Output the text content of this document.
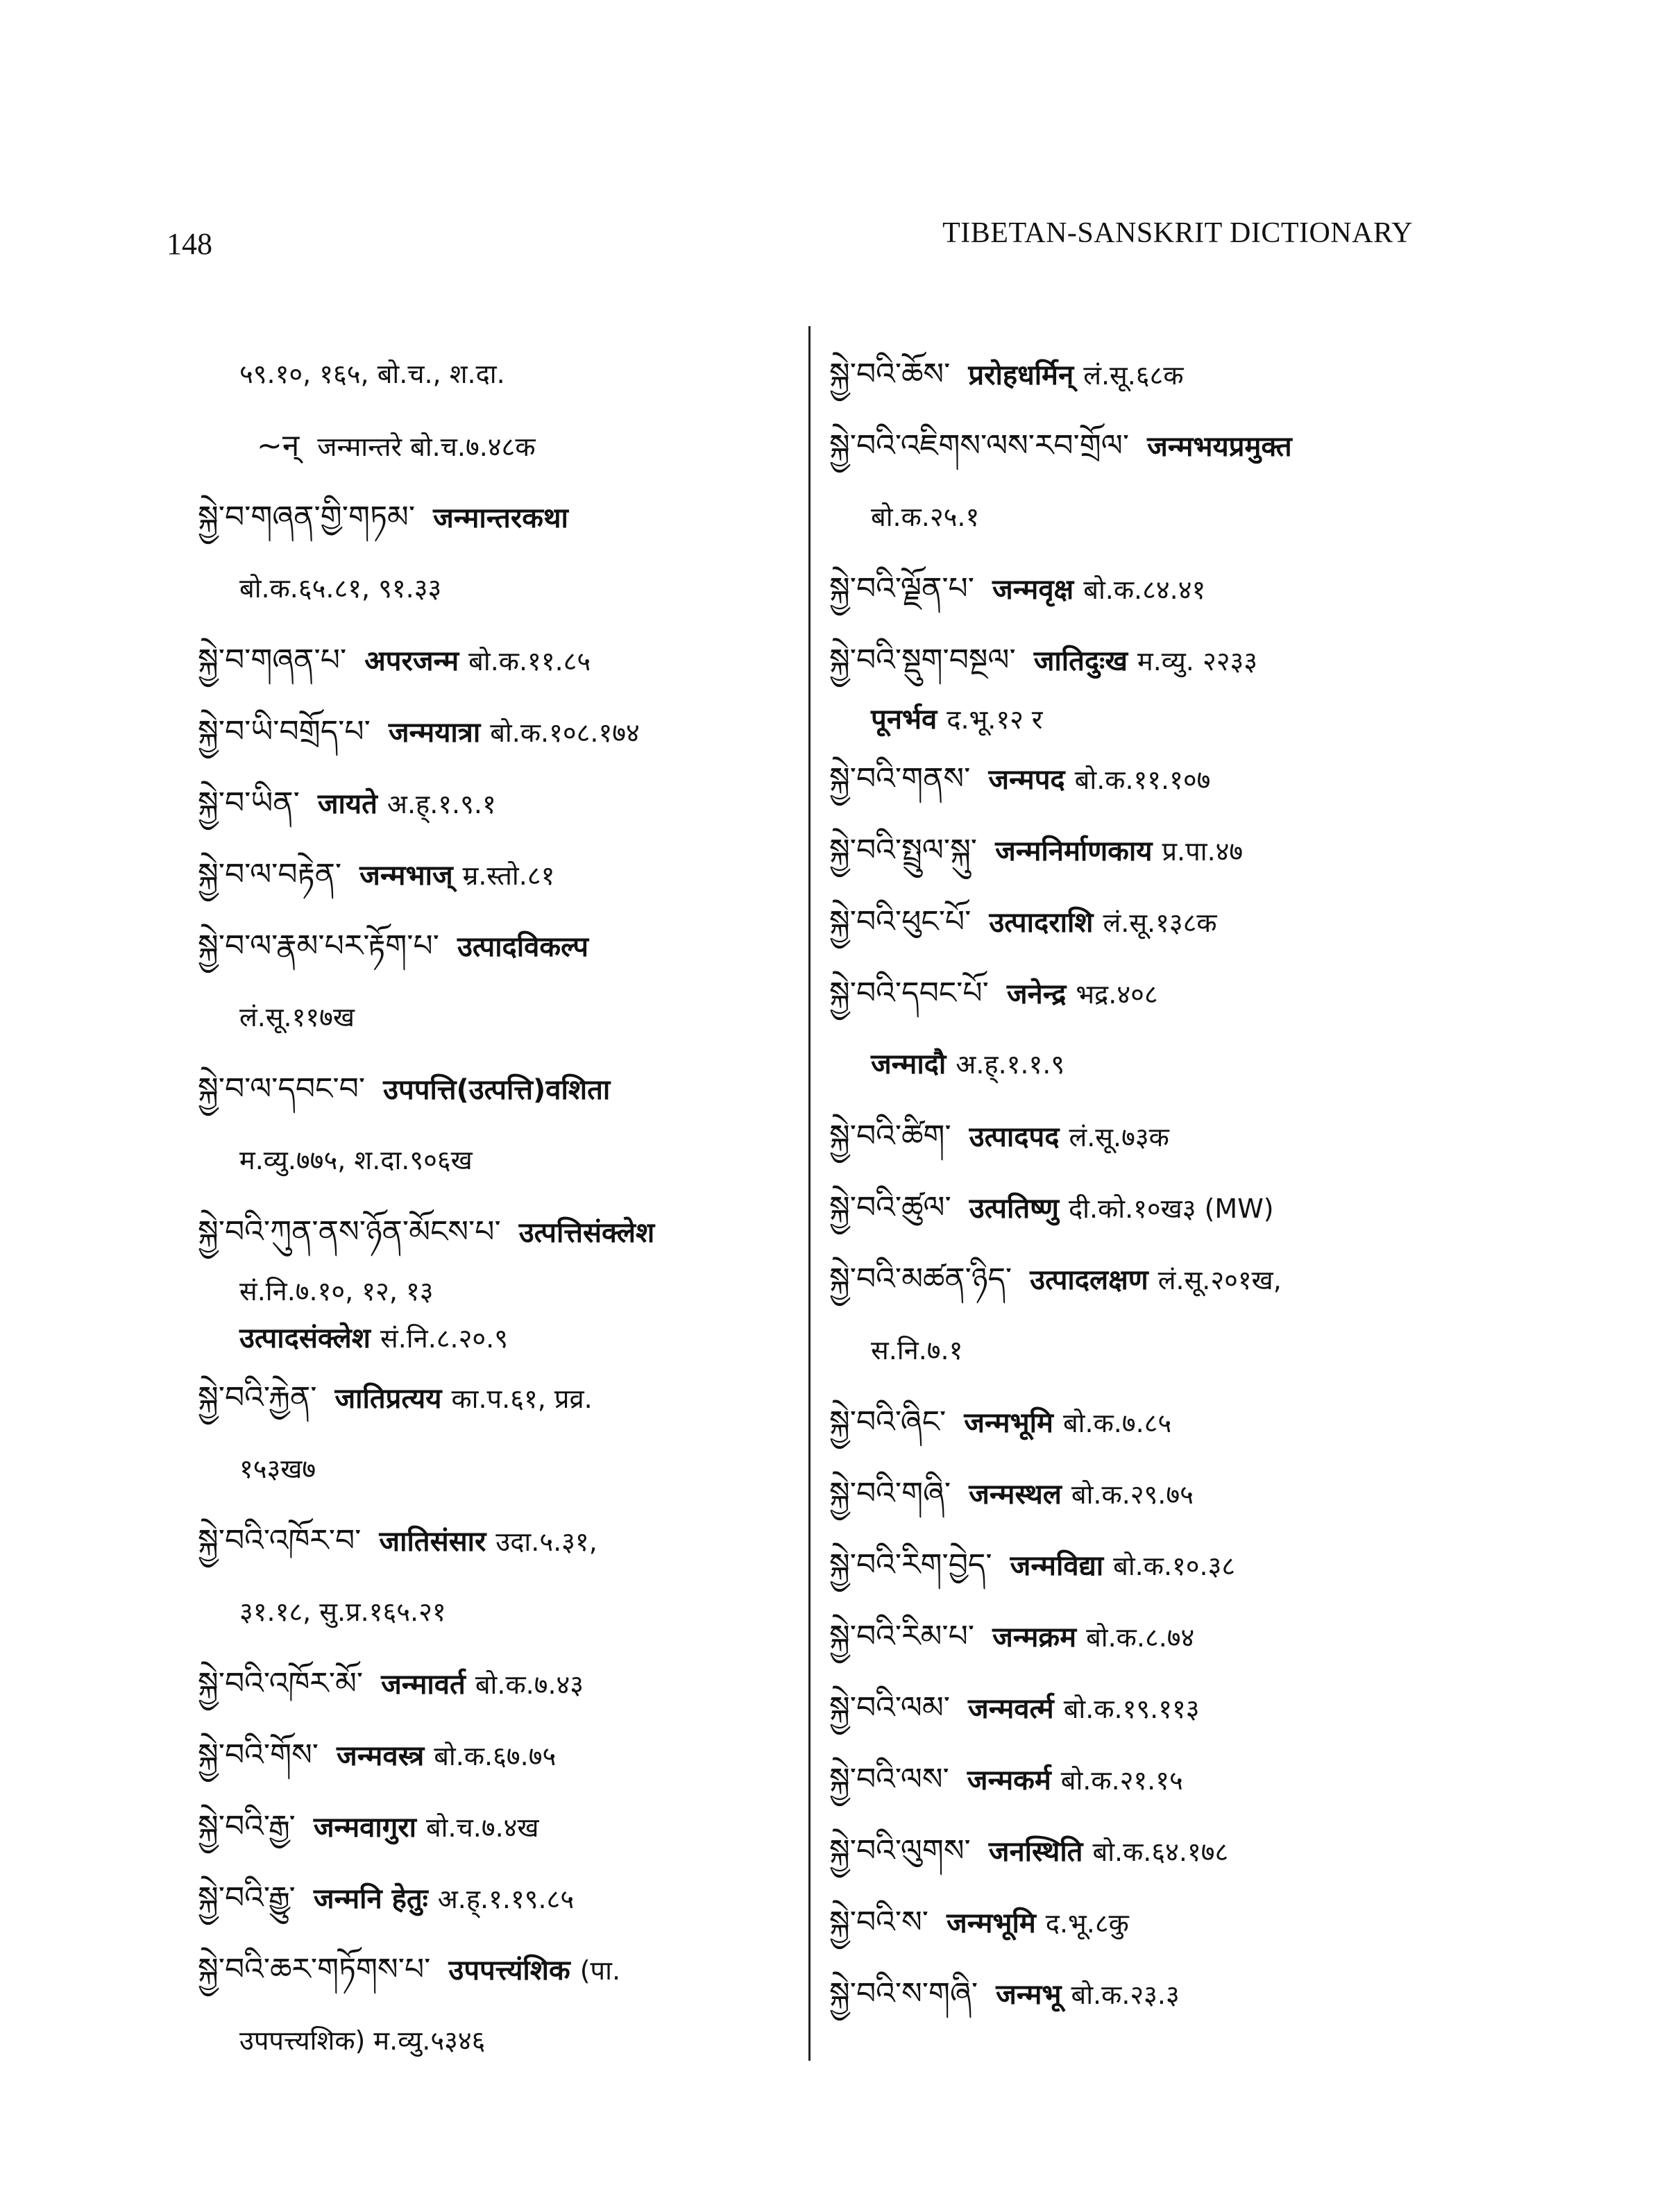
148	TIBETAN-SANSKRIT DICTIONARY
५९.१०, १६५, बो.च., श.दा.
~न् जन्मान्तरे बो.च.७.४८क
སྐྱེ་བ་གཞན་གྱི་གཏམ་ जन्मान्तरकथा
बो.क.६५.८१, ९१.३३
སྐྱེ་བ་གཞན་པ་ अपरजन्म बो.क.११.८५
སྐྱེ་བ་ཡི་བགྲོད་པ་ जन्मयात्रा बो.क.१०८.१७४
སྐྱེ་བ་ཡིན་ जायते अ.ह्.१.९.१
སྐྱེ་བ་ལ་བརྟེན་ जन्मभाज् म्र.स्तो.८१
སྐྱེ་བ་ལ་རྣམ་པར་རྟོག་པ་ उत्पादविकल्प
लं.सू.११७ख
སྐྱེ་བ་ལ་དབང་བ་ उपपत्ति(उत्पत्ति)वशिता
म.व्यु.७७५, श.दा.९०६ख
སྐྱེ་བའི་ཀུན་ནས་ཉོན་མོངས་པ་ उत्पत्तिसंक्लेश
सं.नि.७.१०, १२, १३
उत्पादसंक्लेश सं.नि.८.२०.९
སྐྱེ་བའི་རྐྱེན་ जातिप्रत्यय का.प.६१, प्रव्र.
१५३ख७
སྐྱེ་བའི་འཁོར་བ་ जातिसंसार उदा.५.३१,
३१.१८, सु.प्र.१६५.२१
སྐྱེ་བའི་འཁོར་མོ་ जन्मावर्त बो.क.७.४३
སྐྱེ་བའི་གོས་ जन्मवस्त्र बो.क.६७.७५
སྐྱེ་བའི་རྒྱ་ जन्मवागुरा बो.च.७.४ख
སྐྱེ་བའི་རྒྱུ་ जन्मनि हेतुः अ.ह्.१.१९.८५
སྐྱེ་བའི་ཆར་གཏོགས་པ་ उपपत्त्यंशिक (पा.
उपपत्त्यशिक) म.व्यु.५३४६
སྐྱེ་བའི་ཆོས་ प्ररोहधर्मिन् लं.सू.६८क
སྐྱེ་བའི་འཇིགས་ལས་རབ་གྲོལ་ जन्मभयप्रमुक्त
बो.क.२५.१
སྐྱེ་བའི་ལྗོན་པ་ जन्मवृक्ष बो.क.८४.४१
སྐྱེ་བའི་སྡུག་བསྔལ་ जातिदुःख म.व्यु. २२३३
पूनर्भव द.भू.१२ र
སྐྱེ་བའི་གནས་ जन्मपद बो.क.११.१०७
སྐྱེ་བའི་སྤྲུལ་སྐུ་ जन्मनिर्माणकाय प्र.पा.४७
སྐྱེ་བའི་ཕུང་པོ་ उत्पादराशि लं.सू.१३८क
སྐྱེ་བའི་དབང་པོ་ जनेन्द्र भद्र.४०८
जन्मादौ अ.ह्.१.१.९
སྐྱེ་བའི་ཚིག་ उत्पादपद लं.सू.७३क
སྐྱེ་བའི་ཚུལ་ उत्पतिष्णु दी.को.१०ख३ (MW)
སྐྱེ་བའི་མཚན་ཉིད་ उत्पादलक्षण लं.सू.२०१ख,
स.नि.७.१
སྐྱེ་བའི་ཞིང་ जन्मभूमि बो.क.७.८५
སྐྱེ་བའི་གཞི་ जन्मस्थल बो.क.२९.७५
སྐྱེ་བའི་རིག་བྱེད་ जन्मविद्या बो.क.१०.३८
སྐྱེ་བའི་རིམ་པ་ जन्मक्रम बो.क.८.७४
སྐྱེ་བའི་ལམ་ जन्मवर्त्म बो.क.१९.११३
སྐྱེ་བའི་ལས་ जन्मकर्म बो.क.२१.१५
སྐྱེ་བའི་ལུགས་ जनस्थिति बो.क.६४.१७८
སྐྱེ་བའི་ས་ जन्मभूमि द.भू.८कु
སྐྱེ་བའི་ས་གཞི་ जन्मभू बो.क.२३.३
